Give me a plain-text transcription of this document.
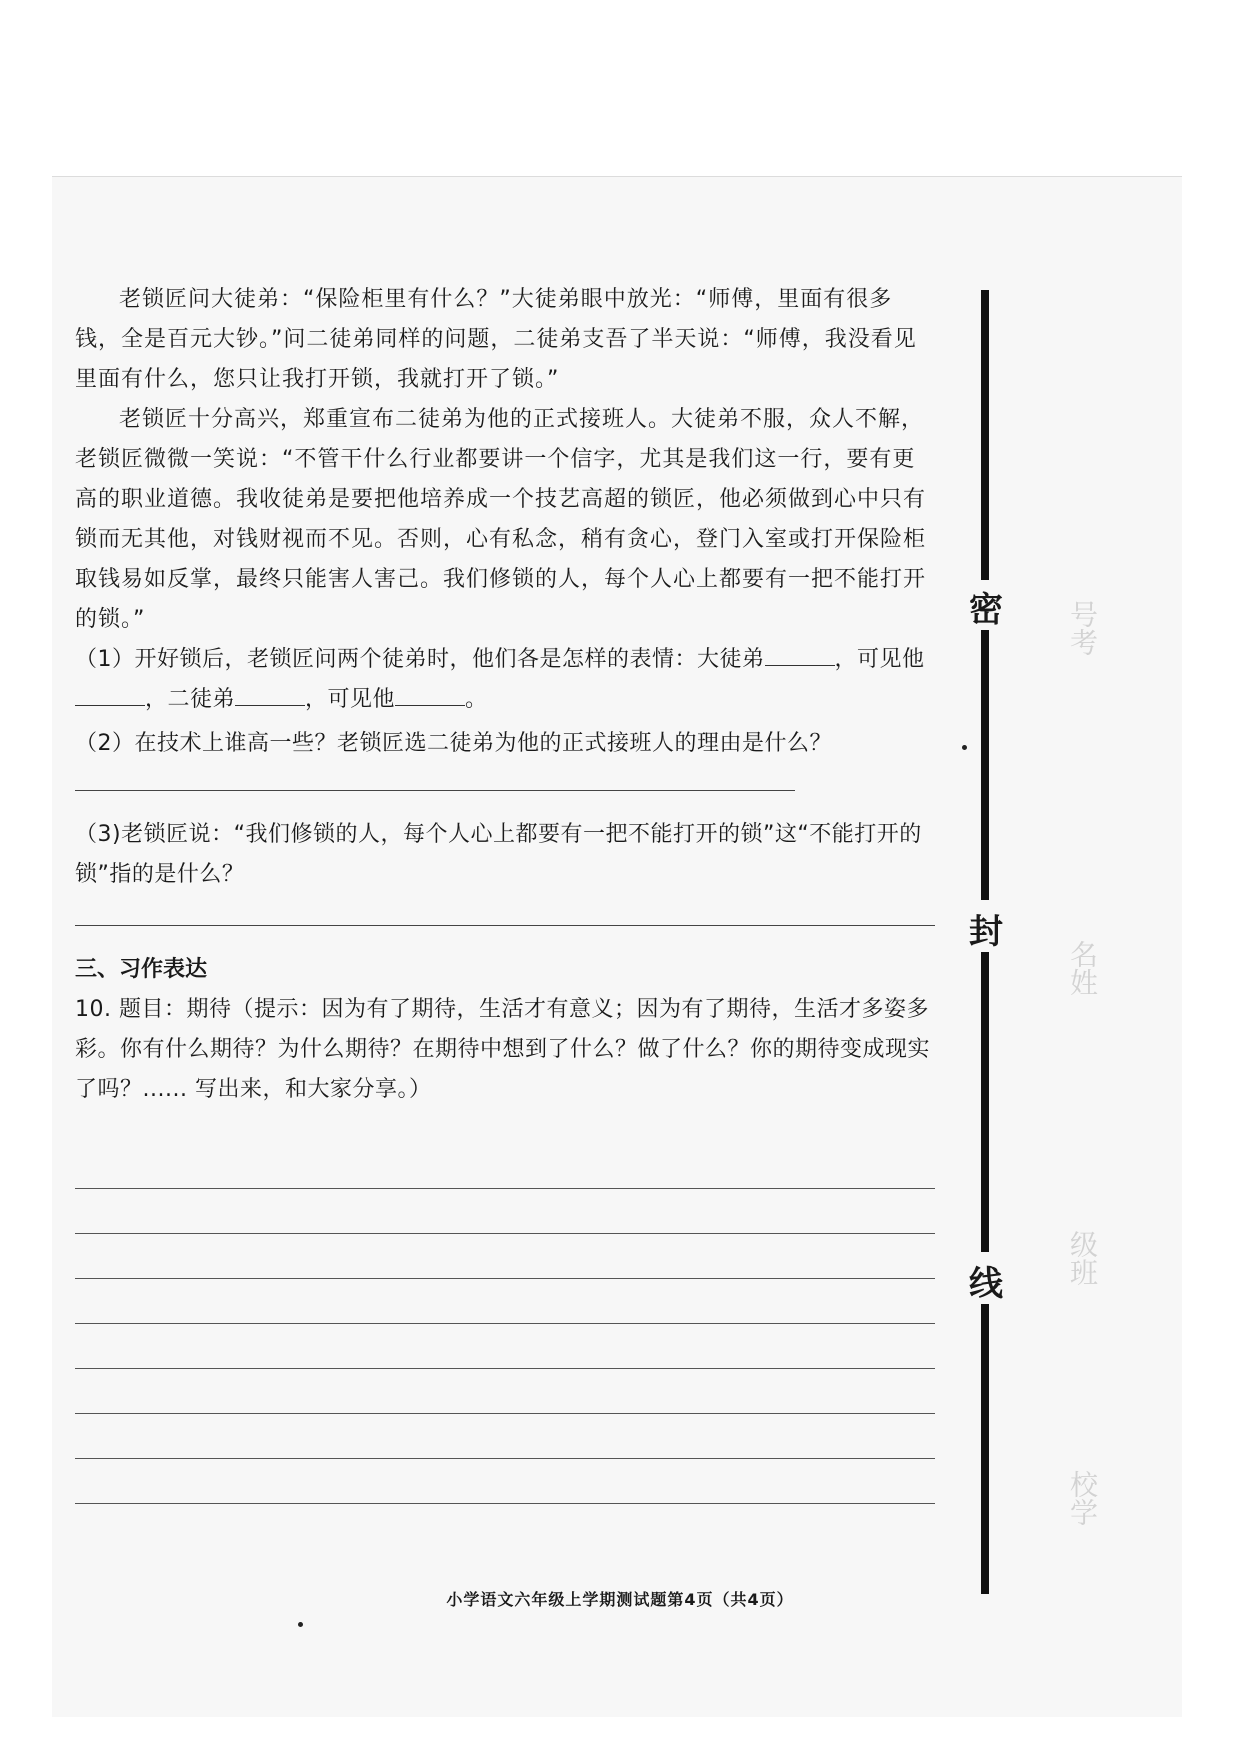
号考
名姓
级班
校学

老锁匠问大徒弟：“保险柜里有什么？”大徒弟眼中放光：“师傅，里面有很多钱，全是百元大钞。”问二徒弟同样的问题，二徒弟支吾了半天说：“师傅，我没看见里面有什么，您只让我打开锁，我就打开了锁。”

老锁匠十分高兴，郑重宣布二徒弟为他的正式接班人。大徒弟不服，众人不解，老锁匠微微一笑说：“不管干什么行业都要讲一个信字，尤其是我们这一行，要有更高的职业道德。我收徒弟是要把他培养成一个技艺高超的锁匠，他必须做到心中只有锁而无其他，对钱财视而不见。否则，心有私念，稍有贪心，登门入室或打开保险柜取钱易如反掌，最终只能害人害己。我们修锁的人，每个人心上都要有一把不能打开的锁。”

（1）开好锁后，老锁匠问两个徒弟时，他们各是怎样的表情：大徒弟	，可见他，二徒弟	，可见他	。

（2）在技术上谁高一些？老锁匠选二徒弟为他的正式接班人的理由是什么？

（3)老锁匠说：“我们修锁的人，每个人心上都要有一把不能打开的锁”这“不能打开的锁”指的是什么？

三、习作表达

10. 题目：期待（提示：因为有了期待，生活才有意义；因为有了期待，生活才多姿多彩。你有什么期待？为什么期待？在期待中想到了什么？做了什么？你的期待变成现实了吗？...... 写出来，和大家分享。）

密
封
线
小学语文六年级上学期测试题第4页（共4页）
